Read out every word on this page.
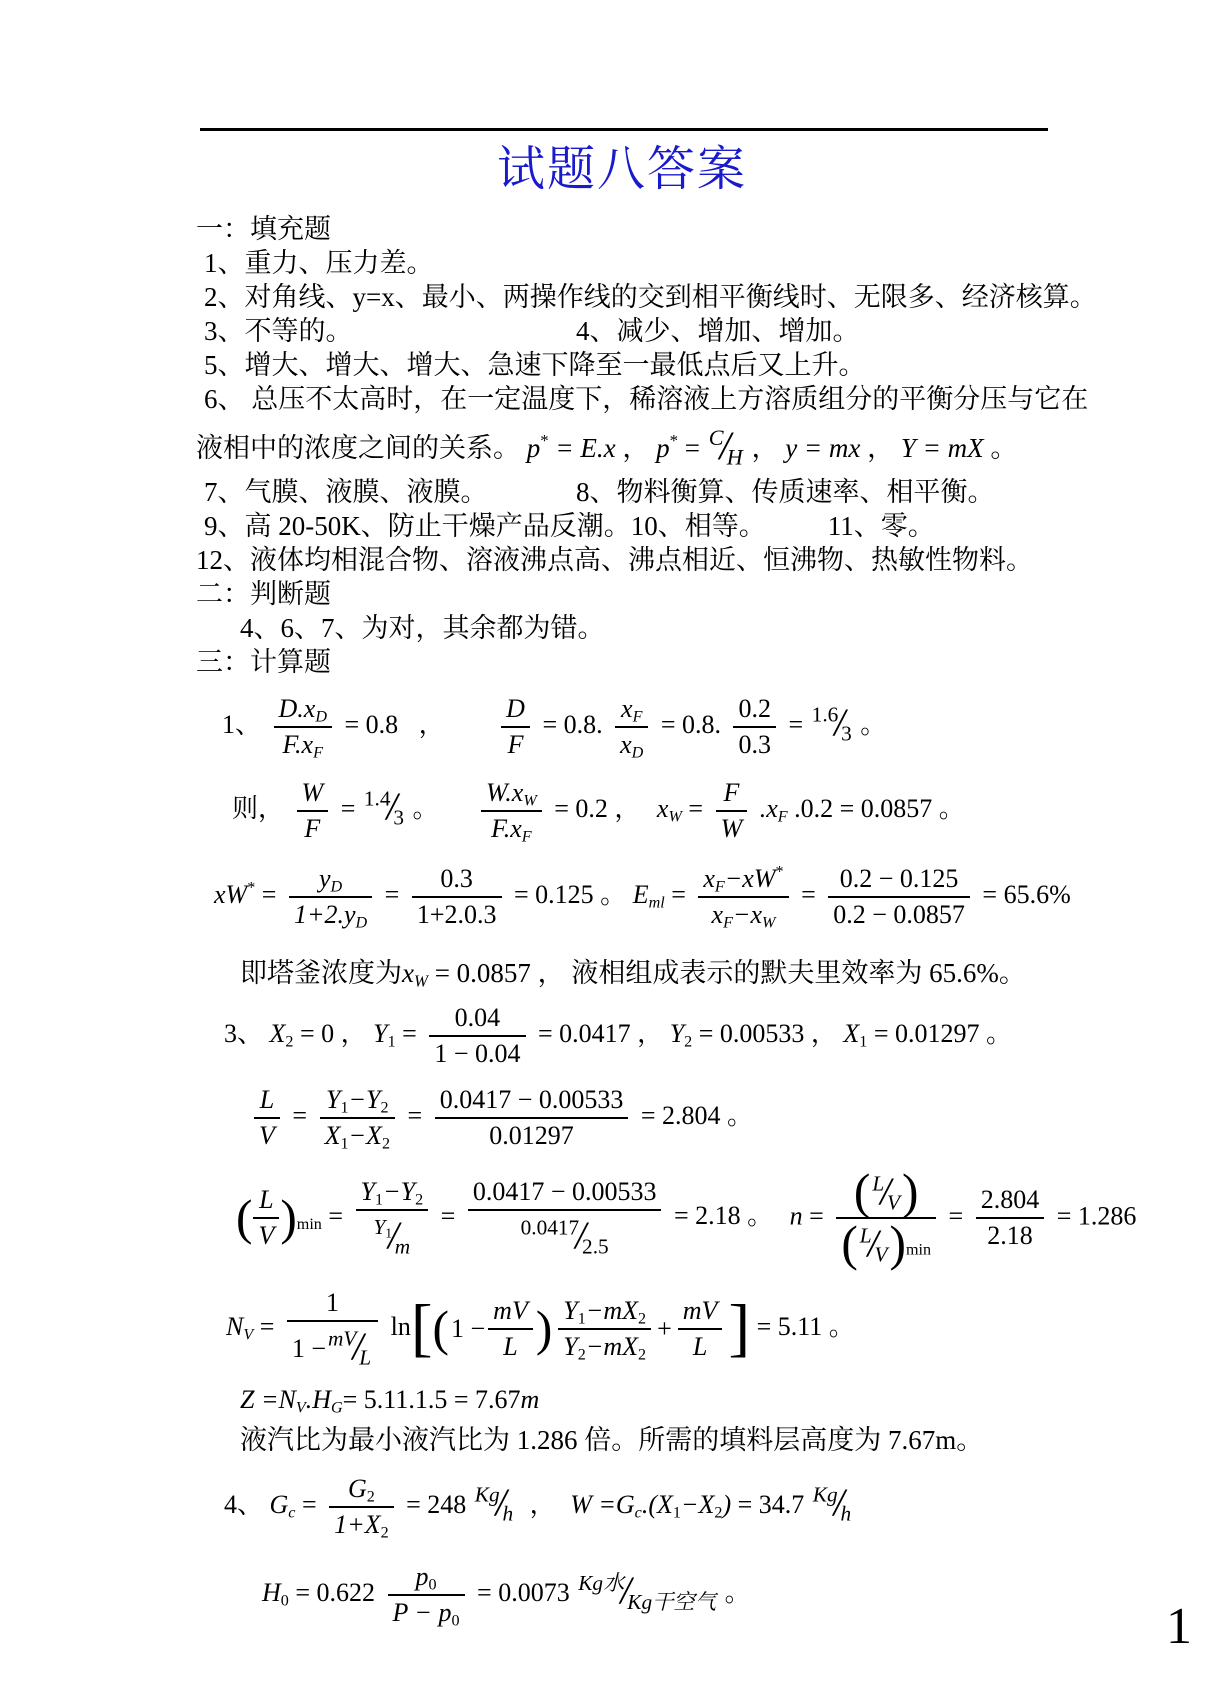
试题八答案
一：填充题
1、重力、压力差。
2、对角线、y=x、最小、两操作线的交到相平衡线时、无限多、经济核算。
3、不等的。	4、减少、增加、增加。
5、增大、增大、增大、急速下降至一最低点后又上升。
6、 总压不太高时，在一定温度下，稀溶液上方溶质组分的平衡分压与它在
液相中的浓度之间的关系。 p* = E.x ， p* = $^C$/ $_H$ ， y = mx ， Y = mX 。
7、气膜、液膜、液膜。	8、物料衡算、传质速率、相平衡。
9、高 20-50K、防止干燥产品反潮。10、相等。 11、零。
12、液体均相混合物、溶液沸点高、沸点相近、恒沸物、热敏性物料。
二：判断题
4、6、7、为对，其余都为错。
三：计算题
1、 $\frac{D.x_D}{F.x_F} = 0.8$ ， $\frac{D}{F} = 0.8$. $\frac{x_F}{x_D} = 0.8$. $\frac{0.2}{0.3} = ^{1.6}/$ $_3$ 。
则， $\frac{W}{F} = ^{1.4}/$ $_3$ 。 $\frac{W.x_W}{F.x_F} = 0.2$ ， $x_W = \frac{F}{W} .x_F$ .0.2 = 0.0857 。
$xW^* = \frac{y_D}{1+2.y_D} = \frac{0.3}{1+2.0.3} = 0.125$ 。 $E_{ml} = \frac{x_F-xW^*}{x_F-x_W} = \frac{0.2 - 0.125}{0.2 - 0.0857} = 65.6\%$
即塔釜浓度为$x_W = 0.0857$ ， 液相组成表示的默夫里效率为 65.6%。
3、 $X_2 = 0$ ， $Y_1 = \frac{0.04}{1 - 0.04} = 0.0417$ ， $Y_2 = 0.00533$ ， $X_1 = 0.01297$ 。
$\frac{L}{V} = \frac{Y_1-Y_2}{X_1-X_2} = \frac{0.0417 - 0.00533}{0.01297} = 2.804$ 。
( L
V
)	$_{min} = \frac{Y_1-Y_2}{^{Y_1}/ _m} = \frac{0.0417 - 0.00533}{^{0.0417}/ _{2.5}} = 2.18$ 。 n =
( $^L$/ $_V$
)
( $^L$/ $_V$
) $_{min}$
= $\frac{2.804}{2.18} = 1.286$
$N_V$ =
1
1 −$^{mV}$/ $_L$
ln ( [ $1 - \frac{mV}{L}$
) $Y_1-mX_2$
$Y_2-mX_2$
+ $\frac{mV}{L}$
] = 5.11 。
$Z =N_V.H_G= 5.11.1.5 = 7.67m$
液汽比为最小液汽比为 1.286 倍。所需的填料层高度为 7.67m。
4、 $G_c = \frac{G_2}{1+X_2} = 248$ $^{Kg}$/ $_h$ ， $W =G_c.(X_1-X_2) = 34.7$ $^{Kg}$/ $_h$
$H_0 = 0.622 \frac{p_0}{P - p_0} = 0.0073$ $^{Kg水}$/ $_{Kg干空气}$ 。
1
